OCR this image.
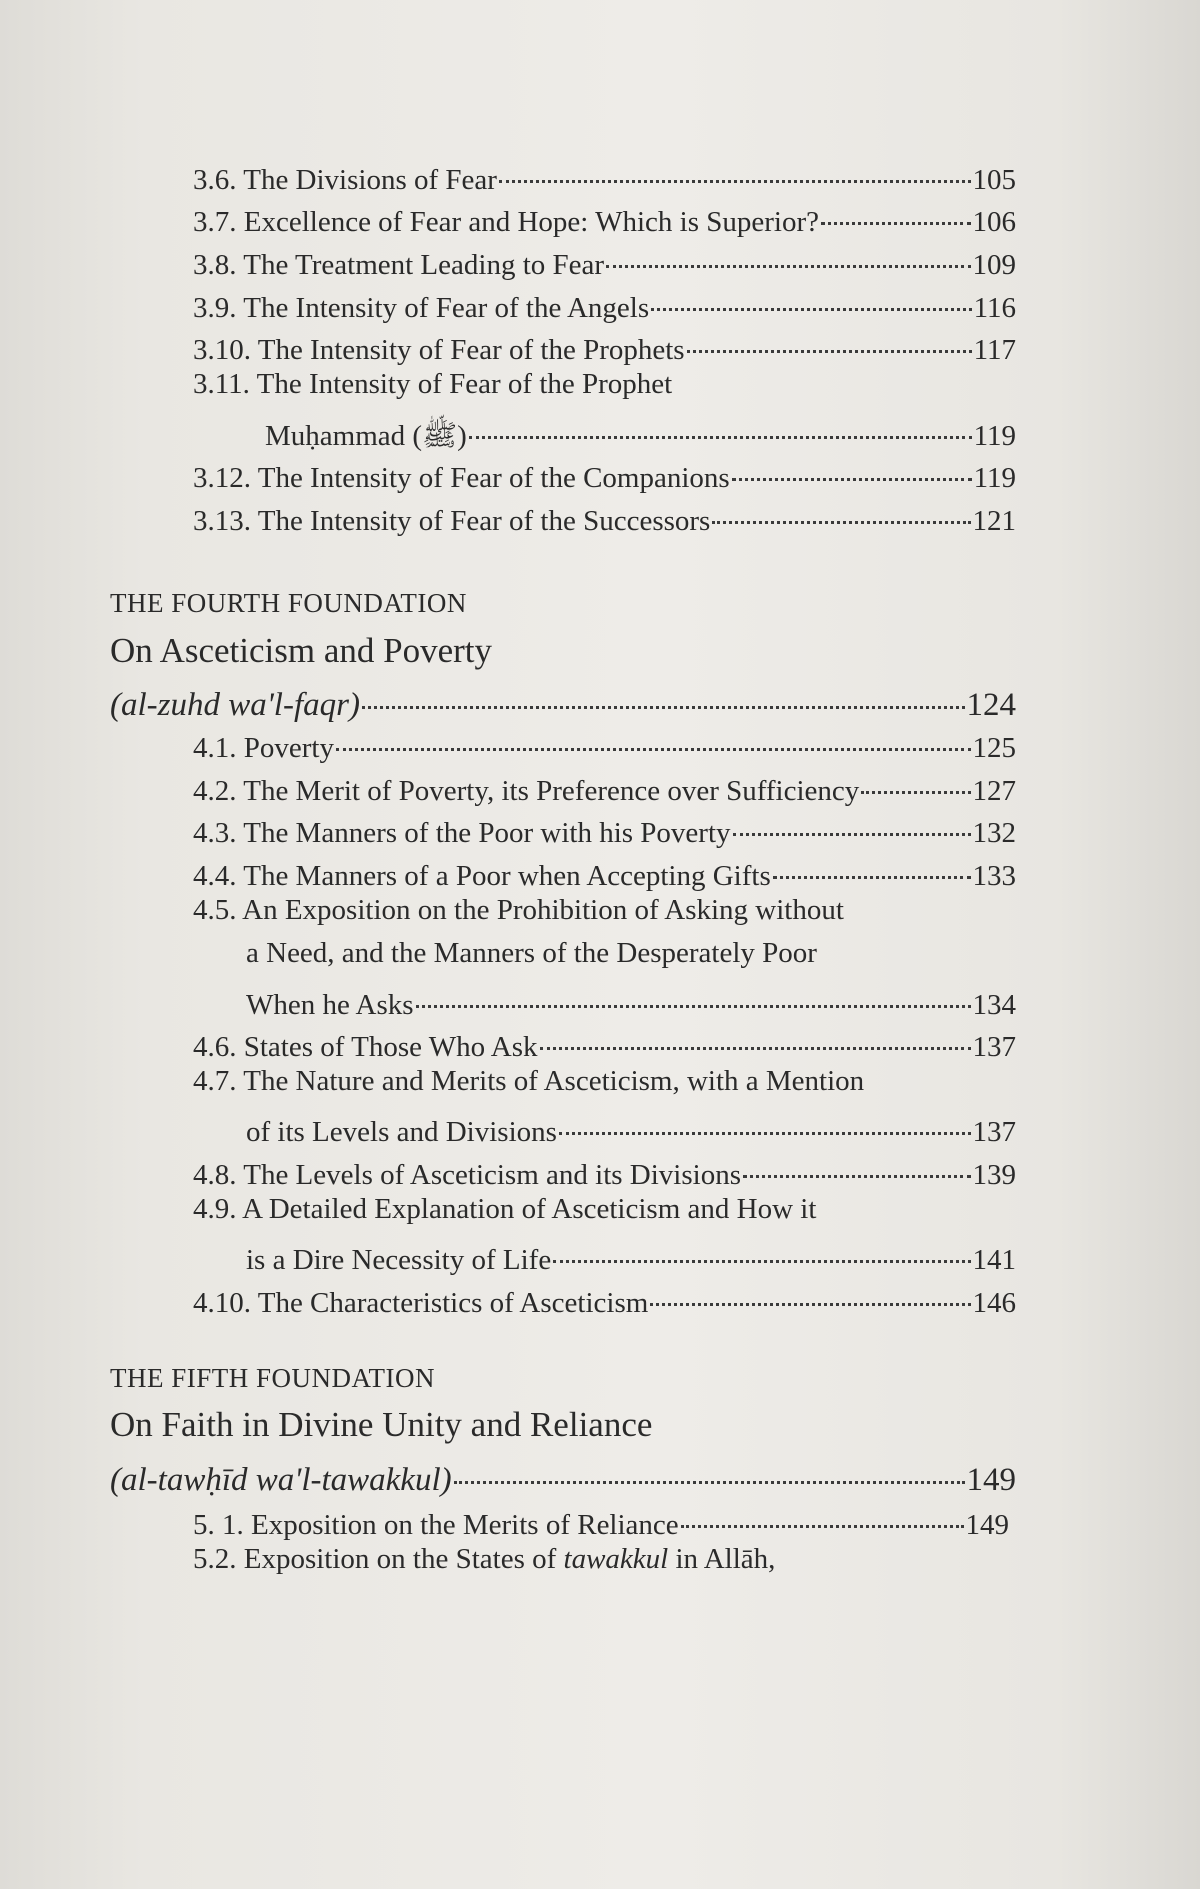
3.6. The Divisions of Fear	105
3.7. Excellence of Fear and Hope: Which is Superior?	106
3.8. The Treatment Leading to Fear	109
3.9. The Intensity of Fear of the Angels	116
3.10. The Intensity of Fear of the Prophets	117
3.11. The Intensity of Fear of the Prophet
Muḥammad (ﷺ)	119
3.12. The Intensity of Fear of the Companions	119
3.13. The Intensity of Fear of the Successors	121
THE FOURTH FOUNDATION
On Asceticism and Poverty
(al-zuhd wa'l-faqr)	124
4.1. Poverty	125
4.2. The Merit of Poverty, its Preference over Sufficiency	127
4.3. The Manners of the Poor with his Poverty	132
4.4. The Manners of a Poor when Accepting Gifts	133
4.5. An Exposition on the Prohibition of Asking without
a Need, and the Manners of the Desperately Poor
When he Asks	134
4.6. States of Those Who Ask	137
4.7. The Nature and Merits of Asceticism, with a Mention
of its Levels and Divisions	137
4.8. The Levels of Asceticism and its Divisions	139
4.9. A Detailed Explanation of Asceticism and How it
is a Dire Necessity of Life	141
4.10. The Characteristics of Asceticism	146
THE FIFTH FOUNDATION
On Faith in Divine Unity and Reliance
(al-tawḥīd wa'l-tawakkul)	149
5. 1. Exposition on the Merits of Reliance	149
5.2. Exposition on the States of tawakkul in Allāh,
